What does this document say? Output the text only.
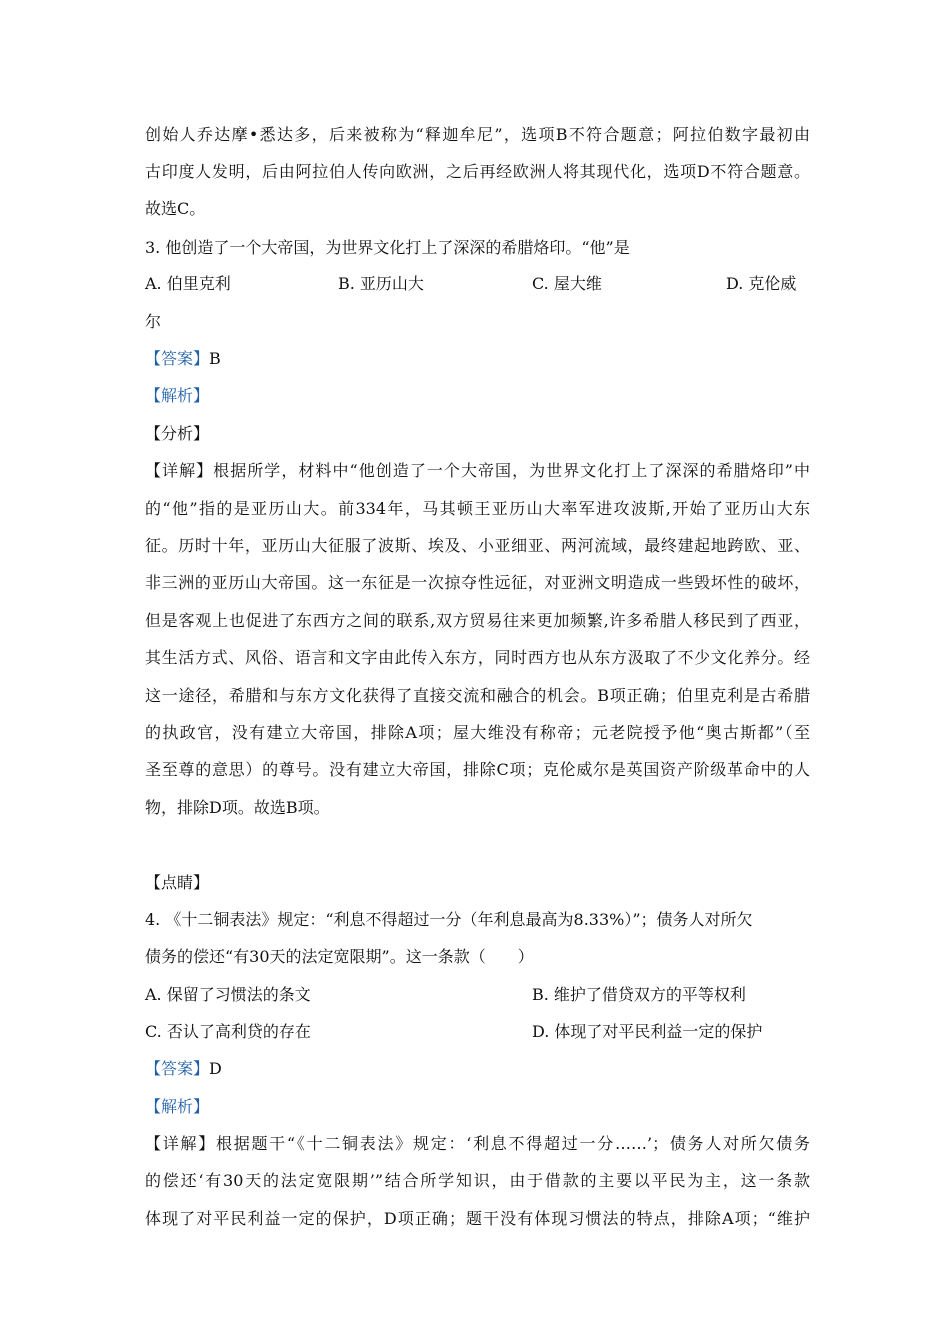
创始人乔达摩•悉达多，后来被称为“释迦牟尼”，选项B不符合题意；阿拉伯数字最初由
古印度人发明，后由阿拉伯人传向欧洲，之后再经欧洲人将其现代化，选项D不符合题意。
故选C。
3. 他创造了一个大帝国，为世界文化打上了深深的希腊烙印。“他”是
A. 伯里克利	B. 亚历山大	C. 屋大维	D. 克伦威
尔
【答案】B
【解析】
【分析】
【详解】根据所学，材料中“他创造了一个大帝国，为世界文化打上了深深的希腊烙印”中
的“他”指的是亚历山大。前334年，马其顿王亚历山大率军进攻波斯,开始了亚历山大东
征。历时十年，亚历山大征服了波斯、埃及、小亚细亚、两河流域，最终建起地跨欧、亚、
非三洲的亚历山大帝国。这一东征是一次掠夺性远征，对亚洲文明造成一些毁坏性的破坏，
但是客观上也促进了东西方之间的联系,双方贸易往来更加频繁,许多希腊人移民到了西亚，
其生活方式、风俗、语言和文字由此传入东方，同时西方也从东方汲取了不少文化养分。经
这一途径，希腊和与东方文化获得了直接交流和融合的机会。B项正确；伯里克利是古希腊
的执政官，没有建立大帝国，排除A项；屋大维没有称帝；元老院授予他“奥古斯都”（至
圣至尊的意思）的尊号。没有建立大帝国，排除C项；克伦威尔是英国资产阶级革命中的人
物，排除D项。故选B项。
【点睛】
4. 《十二铜表法》规定：“利息不得超过一分（年利息最高为8.33%）”；债务人对所欠
债务的偿还“有30天的法定宽限期”。这一条款（　　）
A. 保留了习惯法的条文	B. 维护了借贷双方的平等权利
C. 否认了高利贷的存在	D. 体现了对平民利益一定的保护
【答案】D
【解析】
【详解】根据题干“《十二铜表法》规定：‘利息不得超过一分……’；债务人对所欠债务
的偿还‘有30天的法定宽限期’”结合所学知识，由于借款的主要以平民为主，这一条款
体现了对平民利益一定的保护，D项正确；题干没有体现习惯法的特点，排除A项；“维护
